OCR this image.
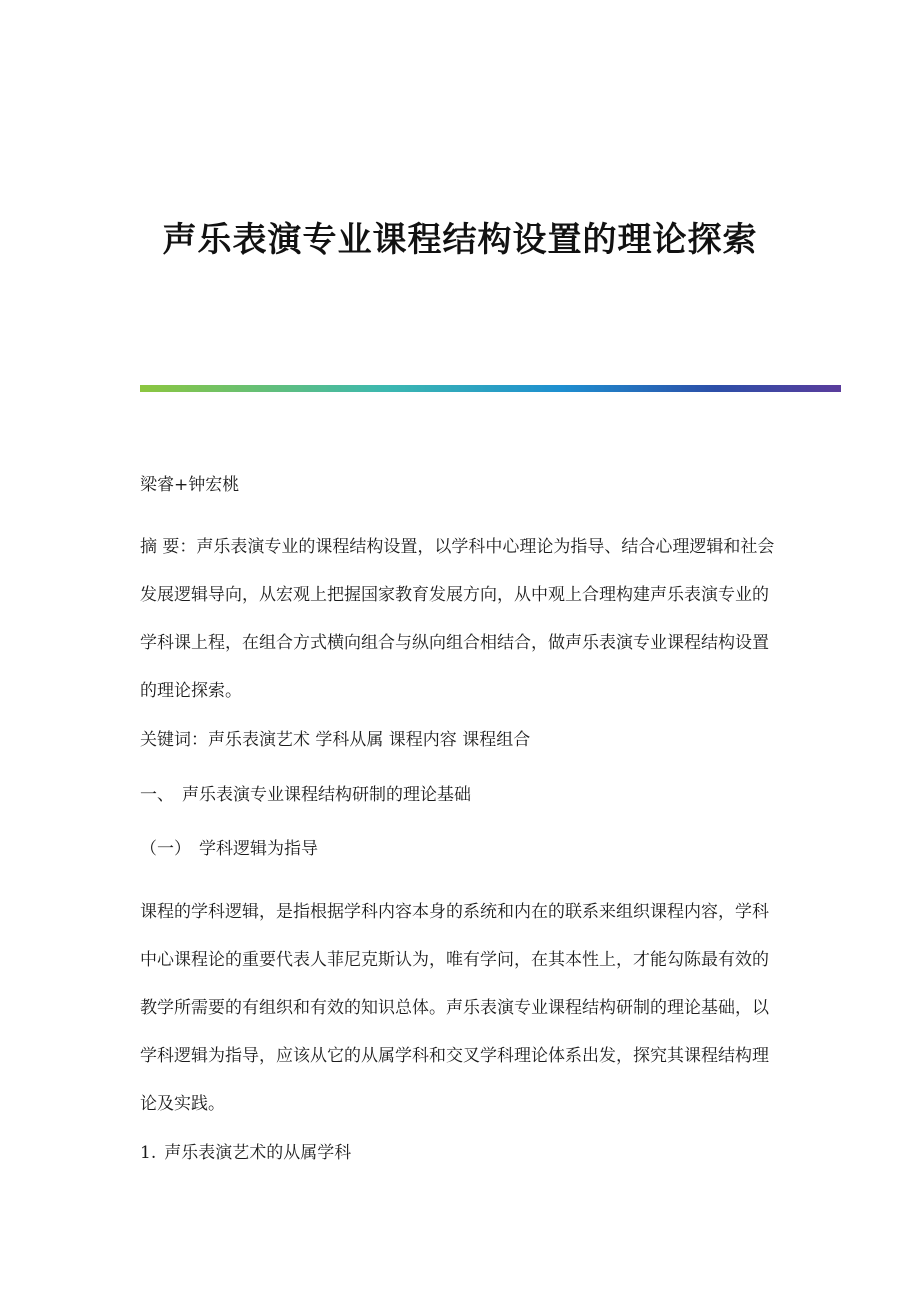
声乐表演专业课程结构设置的理论探索

梁睿+钟宏桃

摘 要：声乐表演专业的课程结构设置，以学科中心理论为指导、结合心理逻辑和社会发展逻辑导向，从宏观上把握国家教育发展方向，从中观上合理构建声乐表演专业的学科课上程，在组合方式横向组合与纵向组合相结合，做声乐表演专业课程结构设置的理论探索。

关键词：声乐表演艺术 学科从属 课程内容 课程组合

一、 声乐表演专业课程结构研制的理论基础

（一） 学科逻辑为指导

课程的学科逻辑，是指根据学科内容本身的系统和内在的联系来组织课程内容，学科中心课程论的重要代表人菲尼克斯认为，唯有学问，在其本性上，才能勾陈最有效的教学所需要的有组织和有效的知识总体。声乐表演专业课程结构研制的理论基础，以学科逻辑为指导，应该从它的从属学科和交叉学科理论体系出发，探究其课程结构理论及实践。

1. 声乐表演艺术的从属学科
